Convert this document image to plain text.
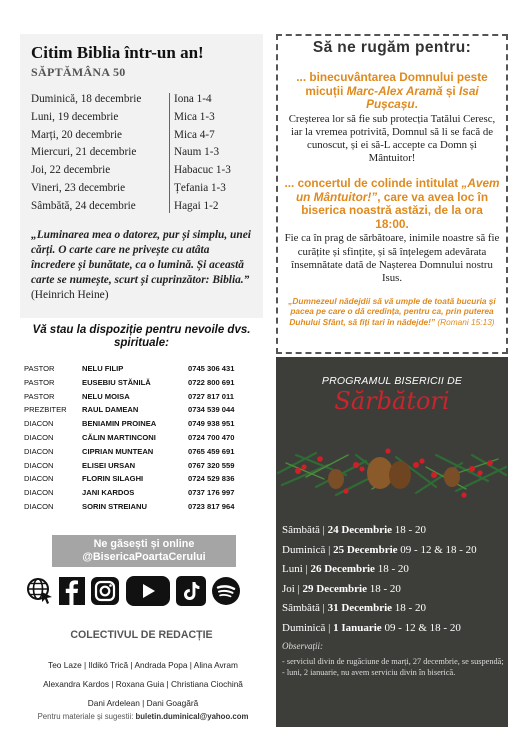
Citim Biblia într-un an!
SĂPTĂMÂNA 50
Duminică, 18 decembrie	Iona 1-4
Luni, 19 decembrie	Mica 1-3
Marți, 20 decembrie	Mica 4-7
Miercuri, 21 decembrie	Naum 1-3
Joi, 22 decembrie	Habacuc 1-3
Vineri, 23 decembrie	Țefania 1-3
Sâmbătă, 24 decembrie	Hagai 1-2
„Luminarea mea o datorez, pur și simplu, unei cărți. O carte care ne privește cu atâta încredere și bunătate, ca o lumină. Și această carte se numește, scurt și cuprinzător: Biblia.”
(Heinrich Heine)
Vă stau la dispoziție pentru nevoile dvs. spirituale:
PASTOR	NELU FILIP	0745 306 431
PASTOR	EUSEBIU STĂNILĂ	0722 800 691
PASTOR	NELU MOISA	0727 817 011
PREZBITER	RAUL DAMEAN	0734 539 044
DIACON	BENIAMIN PROINEA	0749 938 951
DIACON	CĂLIN MARTINCONI	0724 700 470
DIACON	CIPRIAN MUNTEAN	0765 459 691
DIACON	ELISEI URSAN	0767 320 559
DIACON	FLORIN SILAGHI	0724 529 836
DIACON	JANI KARDOS	0737 176 997
DIACON	SORIN STREIANU	0723 817 964
Ne găsești și online
@BisericaPoartaCerului
COLECTIVUL DE REDACȚIE
Teo Laze | Ildikó Trică | Andrada Popa | Alina Avram
Alexandra Kardos | Roxana Guia | Christiana Ciochină
Dani Ardelean | Dani Goagără
Pentru materiale și sugestii: buletin.duminical@yahoo.com
Să ne rugăm pentru:
... binecuvântarea Domnului peste micuții Marc-Alex Aramă și Isai Pușcașu.
Creșterea lor să fie sub protecția Tatălui Ceresc, iar la vremea potrivită, Domnul să li se facă de cunoscut, și ei să-L accepte ca Domn și Mântuitor!
... concertul de colinde intitulat „Avem un Mântuitor!”, care va avea loc în biserica noastră astăzi, de la ora 18:00.
Fie ca în prag de sărbătoare, inimile noastre să fie curățite și sfințite, și să înțelegem adevărata însemnătate dată de Nașterea Domnului nostru Isus.
„Dumnezeul nădejdii să vă umple de toată bucuria și pacea pe care o dă credința, pentru ca, prin puterea Duhului Sfânt, să fiți tari în nădejde!” (Romani 15:13)
PROGRAMUL BISERICII DE
Sărbători
Sâmbătă | 24 Decembrie 18 - 20
Duminică | 25 Decembrie 09 - 12 & 18 - 20
Luni | 26 Decembrie 18 - 20
Joi | 29 Decembrie 18 - 20
Sâmbătă | 31 Decembrie 18 - 20
Duminică | 1 Ianuarie 09 - 12 & 18 - 20
Observații:
- serviciul divin de rugăciune de marți, 27 decembrie, se suspendă;
- luni, 2 ianuarie, nu avem serviciu divin în biserică.
